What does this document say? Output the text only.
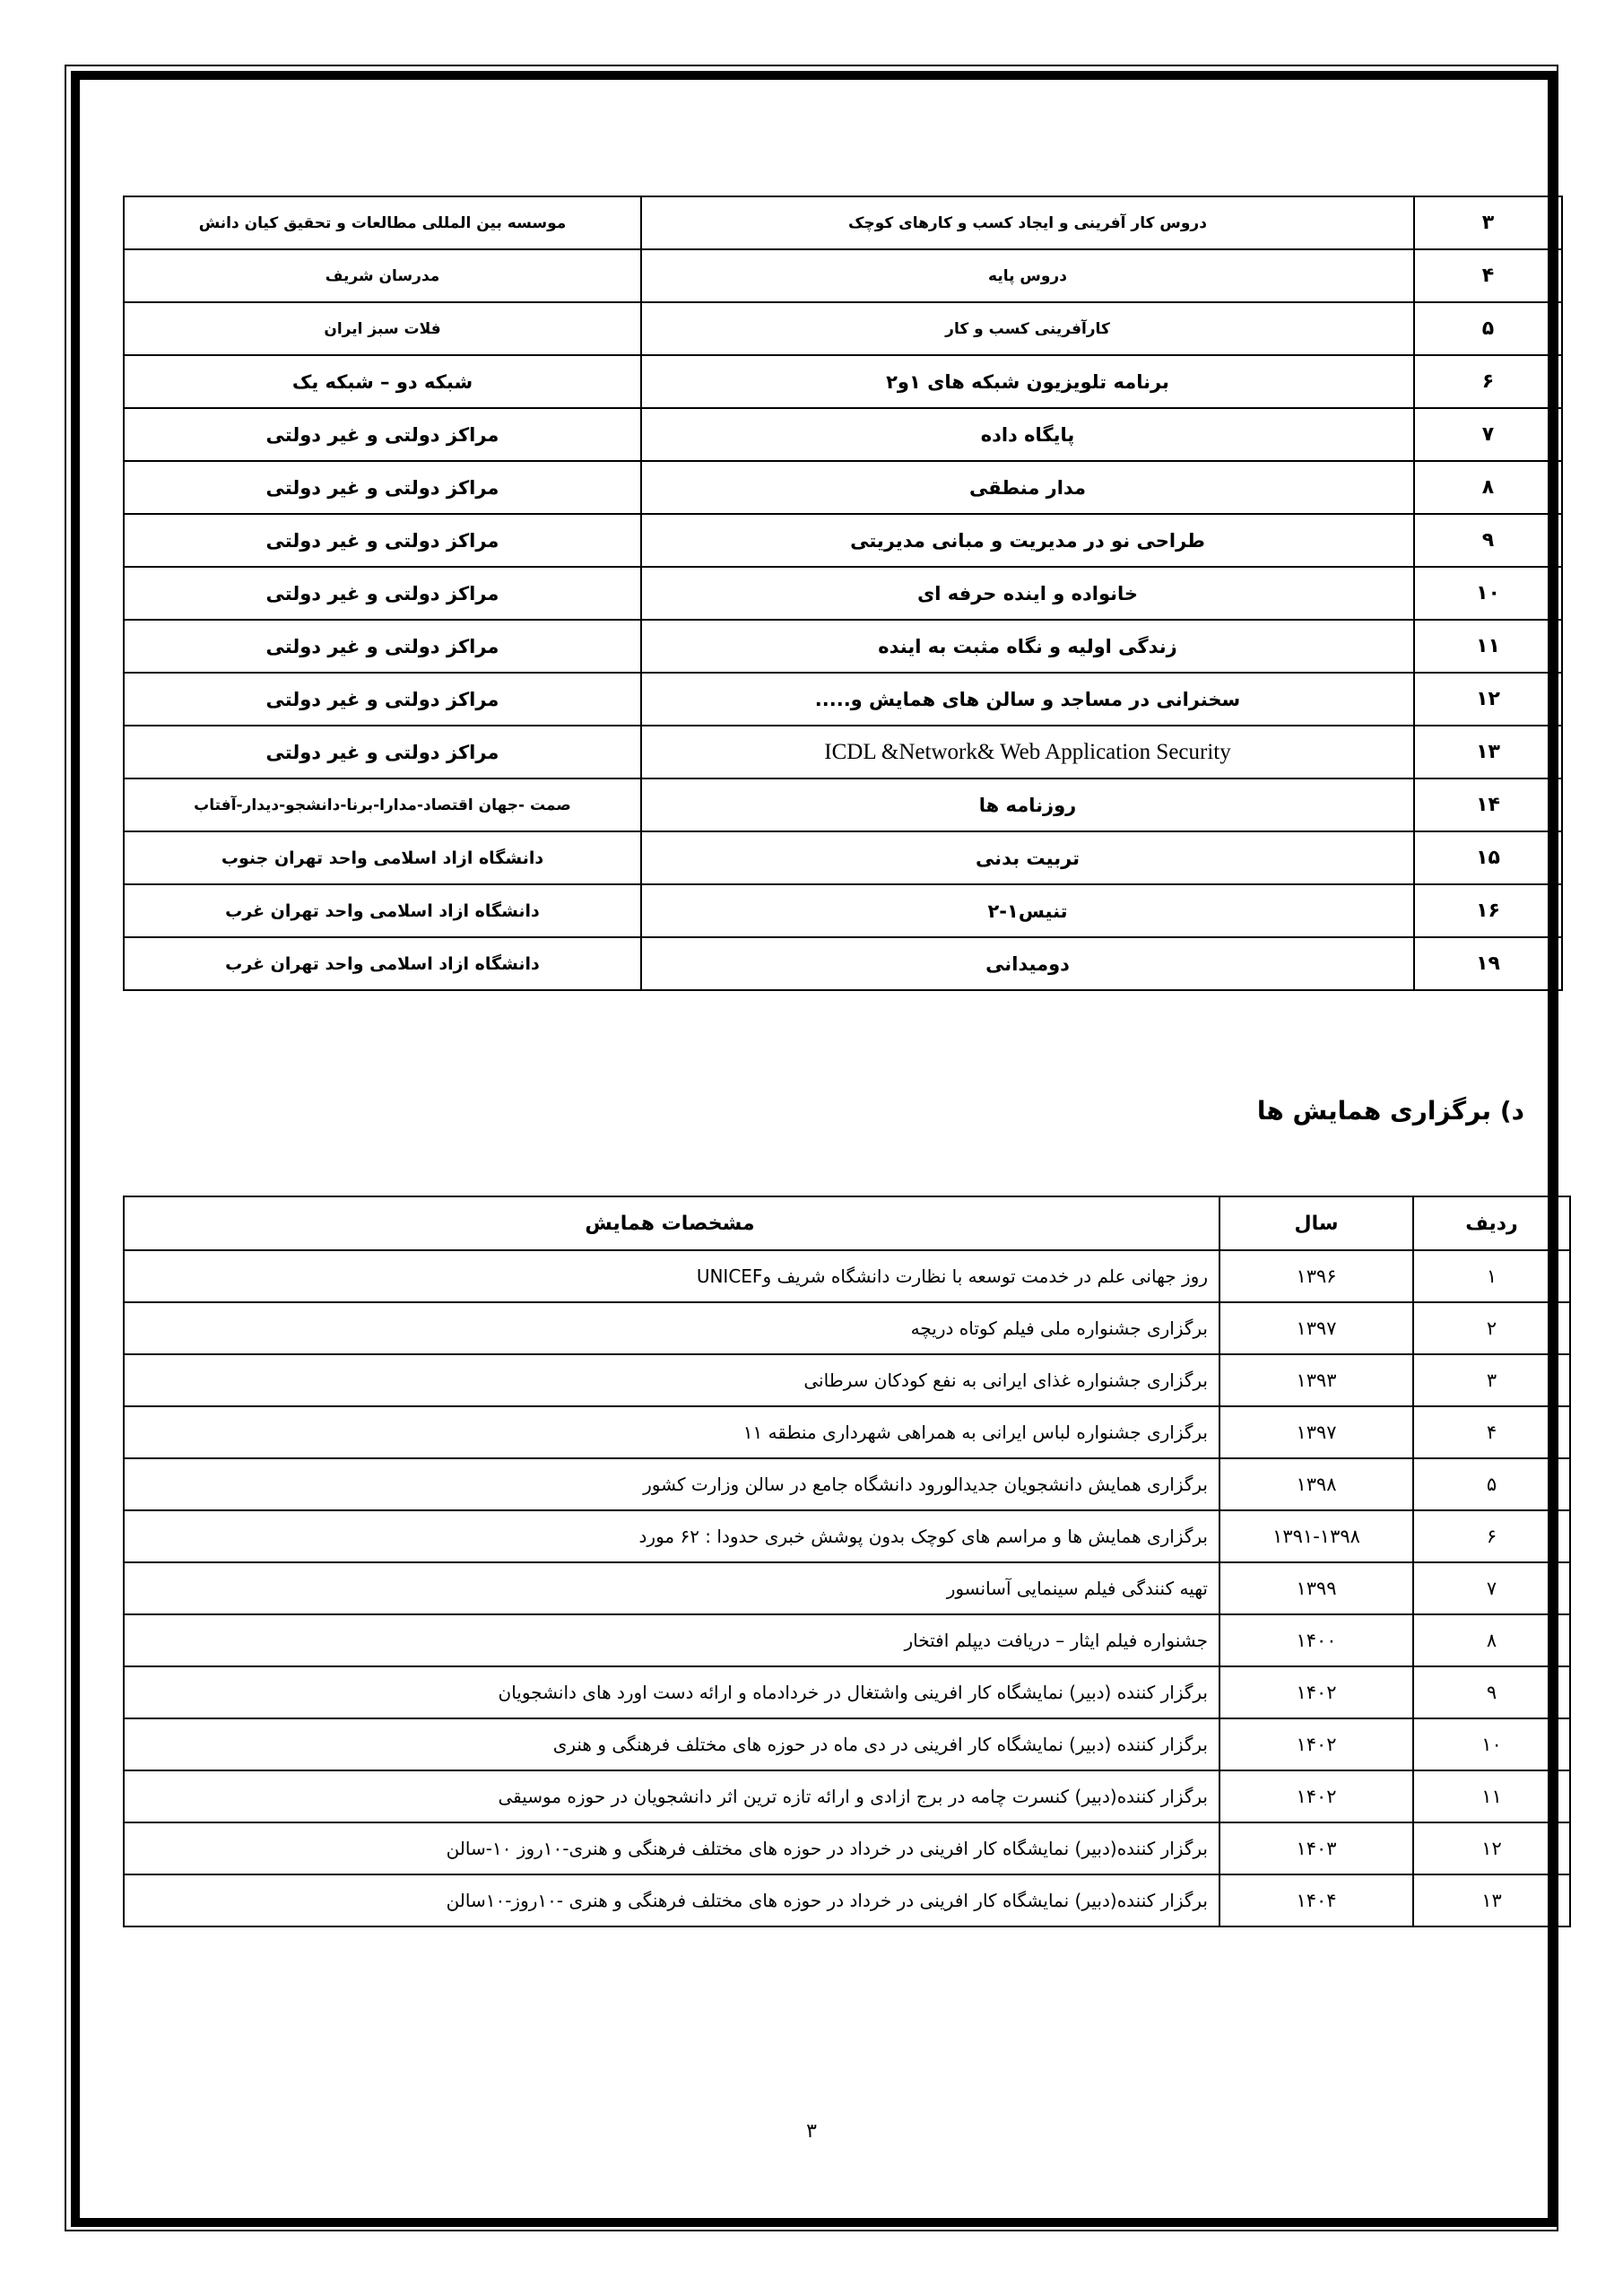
۳	دروس کار آفرینی و ایجاد کسب و کارهای کوچک	موسسه بین المللی مطالعات و تحقیق کیان دانش
۴	دروس پایه	مدرسان شریف
۵	کارآفرینی کسب و کار	فلات سبز ایران
۶	برنامه تلویزیون شبکه های ۱و۲	شبکه دو – شبکه یک
۷	پایگاه داده	مراکز دولتی و غیر دولتی
۸	مدار منطقی	مراکز دولتی و غیر دولتی
۹	طراحی نو در مدیریت و مبانی مدیریتی	مراکز دولتی و غیر دولتی
۱۰	خانواده و اینده حرفه ای	مراکز دولتی و غیر دولتی
۱۱	زندگی اولیه و نگاه مثبت به اینده	مراکز دولتی و غیر دولتی
۱۲	سخنرانی در مساجد و سالن های همایش و.....	مراکز دولتی و غیر دولتی
۱۳	ICDL &Network& Web Application Security	مراکز دولتی و غیر دولتی
۱۴	روزنامه ها	صمت -جهان اقتصاد-مدارا-برنا-دانشجو-دیدار-آفتاب
۱۵	تربیت بدنی	دانشگاه ازاد اسلامی واحد تهران جنوب
۱۶	تنیس۱-۲	دانشگاه ازاد اسلامی واحد تهران غرب
۱۹	دومیدانی	دانشگاه ازاد اسلامی واحد تهران غرب
د) برگزاری همایش ها
ردیف	سال	مشخصات همایش
۱	۱۳۹۶	روز جهانی علم در خدمت توسعه با نظارت دانشگاه شریف وUNICEF
۲	۱۳۹۷	برگزاری جشنواره ملی فیلم کوتاه دریچه
۳	۱۳۹۳	برگزاری جشنواره غذای ایرانی به نفع کودکان سرطانی
۴	۱۳۹۷	برگزاری جشنواره لباس ایرانی به همراهی شهرداری منطقه ۱۱
۵	۱۳۹۸	برگزاری همایش دانشجویان جدیدالورود دانشگاه جامع در سالن وزارت کشور
۶	۱۳۹۱-۱۳۹۸	برگزاری همایش ها و مراسم های کوچک بدون پوشش خبری حدودا : ۶۲ مورد
۷	۱۳۹۹	تهیه کنندگی فیلم سینمایی آسانسور
۸	۱۴۰۰	جشنواره فیلم ایثار – دریافت دیپلم افتخار
۹	۱۴۰۲	برگزار کننده (دبیر) نمایشگاه کار افرینی واشتغال در خردادماه و ارائه دست اورد های دانشجویان
۱۰	۱۴۰۲	برگزار کننده (دبیر) نمایشگاه کار افرینی در دی ماه در حوزه های مختلف فرهنگی و هنری
۱۱	۱۴۰۲	برگزار کننده(دبیر) کنسرت چامه در برج ازادی و ارائه تازه ترین اثر دانشجویان در حوزه موسیقی
۱۲	۱۴۰۳	برگزار کننده(دبیر) نمایشگاه کار افرینی در خرداد در حوزه های مختلف فرهنگی و هنری-۱۰روز ۱۰-سالن
۱۳	۱۴۰۴	برگزار کننده(دبیر) نمایشگاه کار افرینی در خرداد در حوزه های مختلف فرهنگی و هنری -۱۰روز-۱۰سالن
۳
